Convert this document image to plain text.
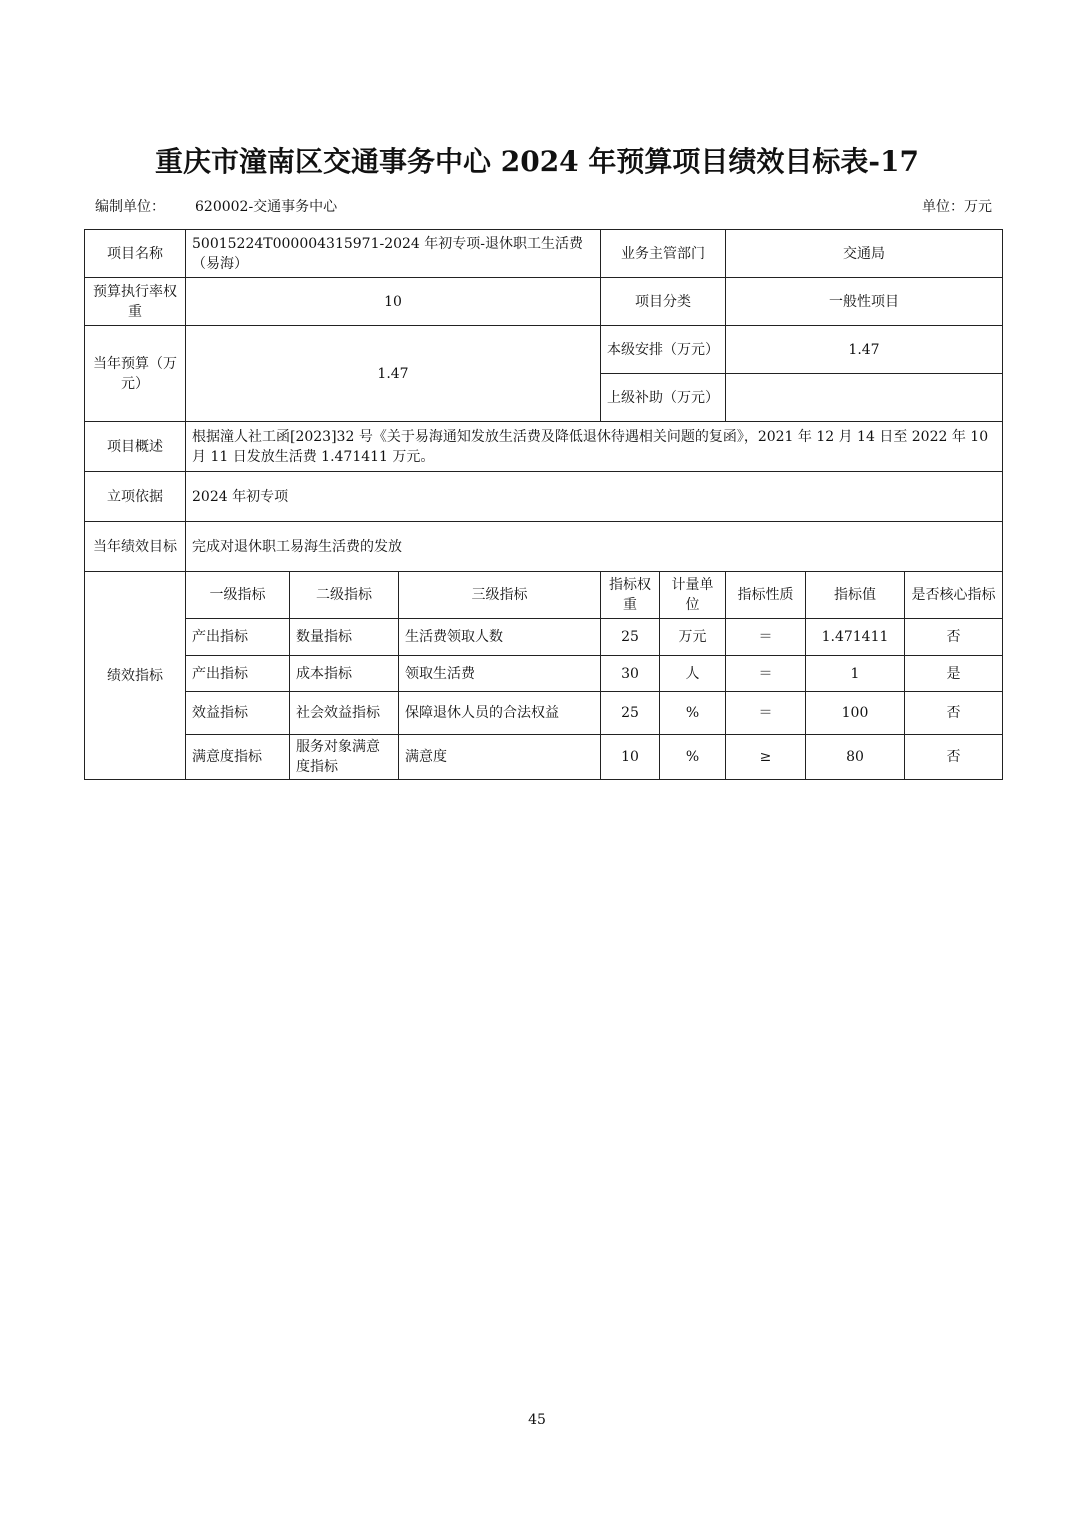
重庆市潼南区交通事务中心 2024 年预算项目绩效目标表-17
编制单位： 620002-交通事务中心	单位：万元
项目名称	50015224T000004315971-2024 年初专项-退休职工生活费（易海）			业务主管部门		交通局		
预算执行率权重	10			项目分类		一般性项目		
当年预算（万元）	1.47			本级安排（万元）		1.47		
				上级补助（万元）				
项目概述	根据潼人社工函[2023]32 号《关于易海通知发放生活费及降低退休待遇相关问题的复函》，2021 年 12 月 14 日至 2022 年 10 月 11 日发放生活费 1.471411 万元。							
立项依据	2024 年初专项							
当年绩效目标	完成对退休职工易海生活费的发放							
绩效指标	一级指标	二级指标	三级指标	指标权重	计量单位	指标性质	指标值	是否核心指标
	产出指标	数量指标	生活费领取人数	25	万元	＝	1.471411	否
	产出指标	成本指标	领取生活费	30	人	＝	1	是
	效益指标	社会效益指标	保障退休人员的合法权益	25	%	＝	100	否
	满意度指标	服务对象满意度指标	满意度	10	%	≥	80	否
45
